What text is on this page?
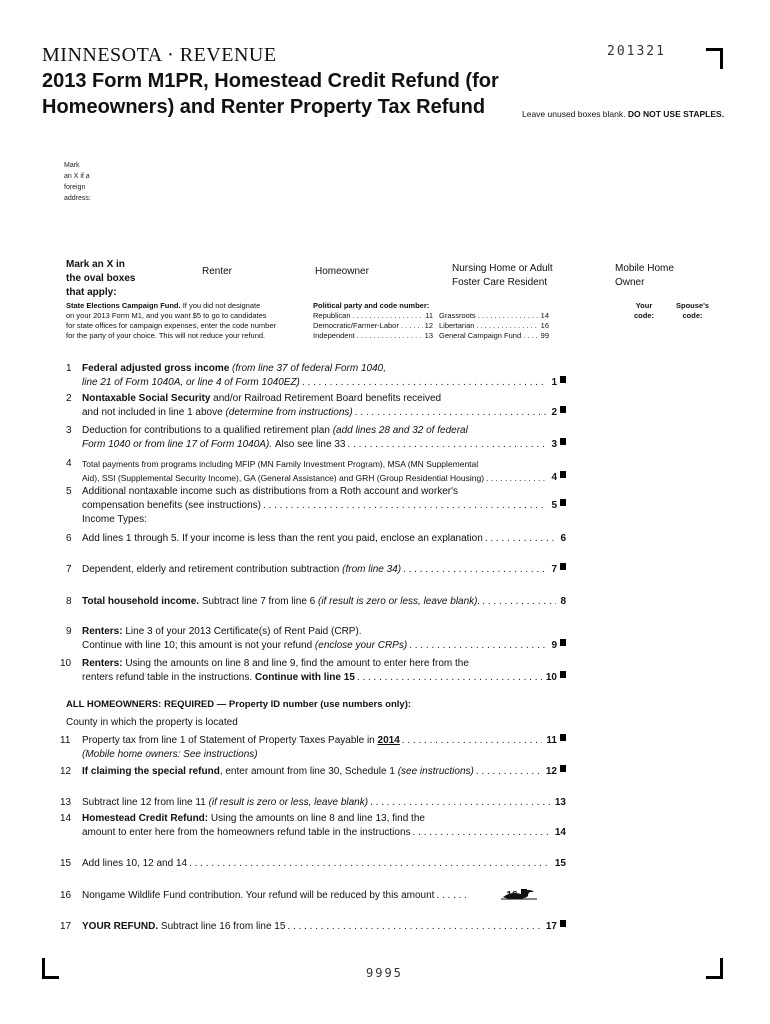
MINNESOTA · REVENUE	201321
2013 Form M1PR, Homestead Credit Refund (for
Homeowners) and Renter Property Tax Refund	Leave unused boxes blank. DO NOT USE STAPLES.
Mark
an X if a
foreign
address:
Mark an X in
the oval boxes
that apply:
Renter	Homeowner	Nursing Home or Adult
Foster Care Resident
Mobile Home
Owner
State Elections Campaign Fund. If you did not designate
on your 2013 Form M1, and you want $5 to go to candidates
for state offices for campaign expenses, enter the code number
for the party of your choice. This will not reduce your refund.
Political party and code number:
Republican . . .	11
Democratic/Farmer-Labor . . .	12
Independent . . .	13
Grassroots . . .	14
Libertarian . . .	16
General Campaign Fund . . .	99
Your
code:
Spouse's
code:
1 Federal adjusted gross income (from line 37 of federal Form 1040,
line 21 of Form 1040A, or line 4 of Form 1040EZ) . . .	1
2 Nontaxable Social Security and/or Railroad Retirement Board benefits received
and not included in line 1 above
(determine from instructions) . . .	2
3 Deduction for contributions to a qualified retirement plan (add lines 28 and 32 of federal
Form 1040 or from line 17 of Form 1040A).
Also see line 33 . . .	3
4 Total payments from programs including MFIP (MN Family Investment Program), MSA (MN Supplemental
Aid), SSI (Supplemental Security Income), GA (General Assistance) and GRH (Group Residential Housing) . . .	4
5 Additional nontaxable income such as distributions from a Roth account and worker's
compensation benefits (see instructions) . . .	5
Income Types:
6 Add lines 1 through 5. If your income is less than the rent you paid, enclose an explanation . . .	6
7 Dependent, elderly and retirement contribution subtraction
(from line 34) . . .	7
8 Total household income.
Subtract line 7 from line 6
(if result is zero or less, leave blank). . . .	8
9 Renters: Line 3 of your 2013 Certificate(s) of Rent Paid (CRP).
Continue with line 10; this amount is not your refund
(enclose your CRPs) . . .	9
10 Renters: Using the amounts on line 8 and line 9, find the amount to enter here from the
renters refund table in the instructions.
Continue with line 15 . . .	10
ALL HOMEOWNERS: REQUIRED — Property ID number (use numbers only):
County in which the property is located
11 Property tax from line 1 of Statement of Property Taxes Payable in
2014 . . .	11
(Mobile home owners: See instructions)
12 If claiming the special refund , enter amount from line 30, Schedule 1
(see instructions) . . .	12
13 Subtract line 12 from line 11
(if result is zero or less, leave blank) . . .	13
14 Homestead Credit Refund: Using the amounts on line 8 and line 13, find the
amount to enter here from the homeowners refund table in the instructions . . .	14
15 Add lines 10, 12 and 14 . . .	15
16 Nongame Wildlife Fund contribution. Your refund will be reduced by this amount
. . .
17 YOUR REFUND.
Subtract line 16 from line 15 . . .	17
9995
